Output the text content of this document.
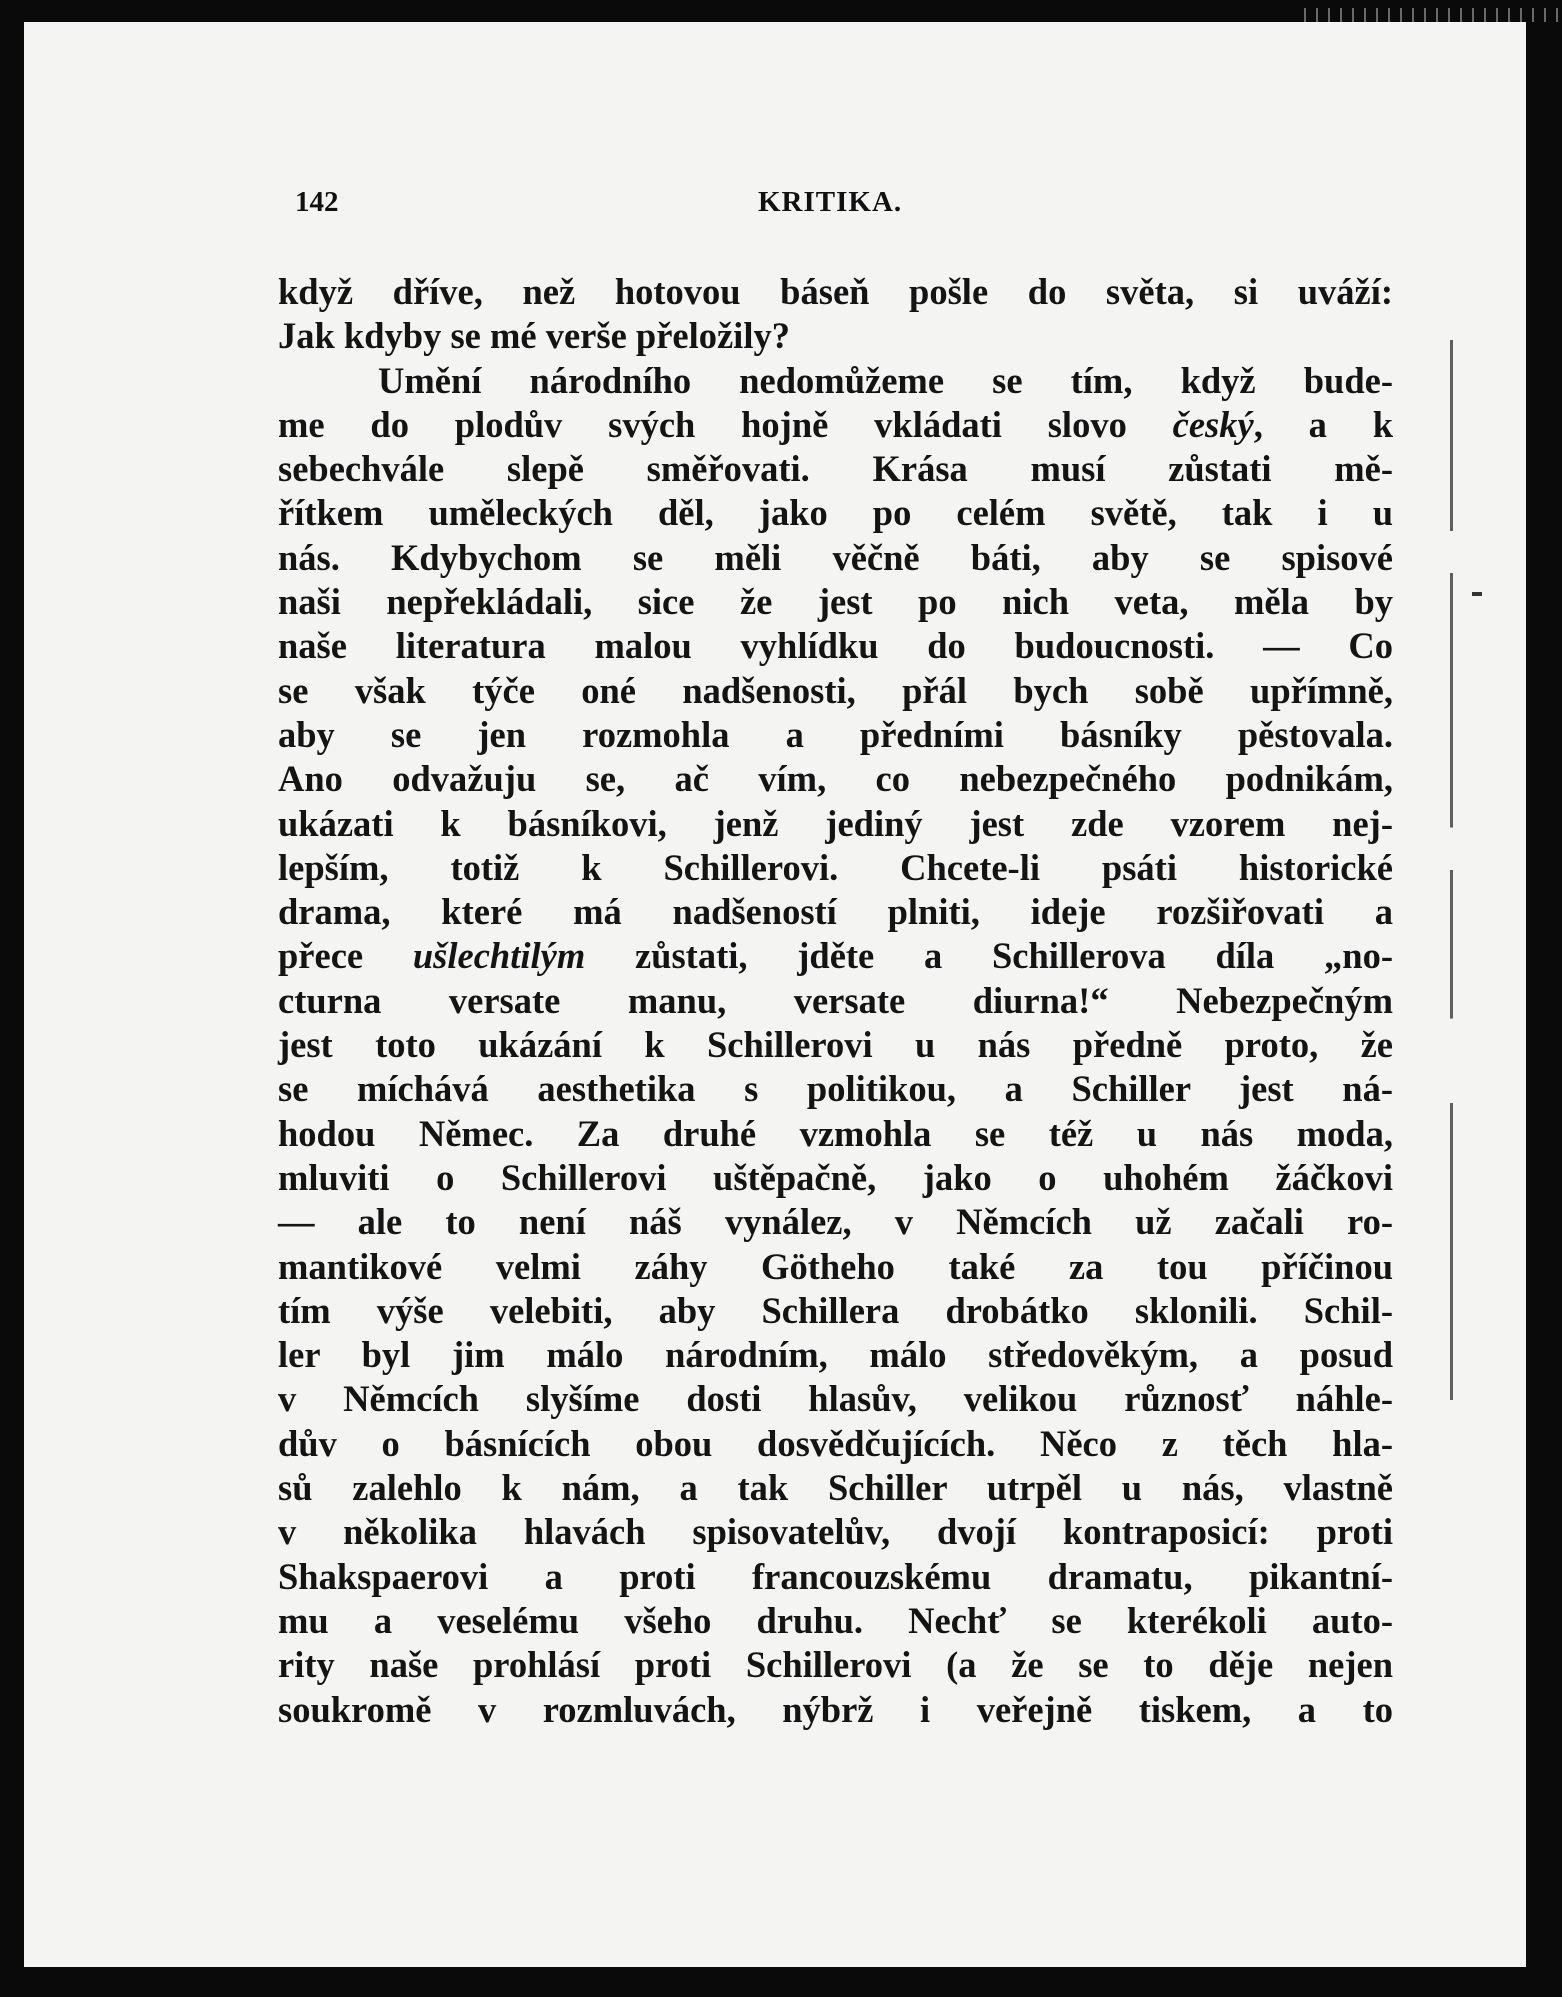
142	KRITIKA.
když dříve, než hotovou báseň pošle do světa, si uváží:
Jak kdyby se mé verše přeložily?
Umění národního nedomůžeme se tím, když bude-
me do plodův svých hojně vkládati slovo český, a k
sebechvále slepě směřovati. Krása musí zůstati mě-
řítkem uměleckých děl, jako po celém světě, tak i u
nás. Kdybychom se měli věčně báti, aby se spisové
naši nepřekládali, sice že jest po nich veta, měla by
naše literatura malou vyhlídku do budoucnosti. — Co
se však týče oné nadšenosti, přál bych sobě upřímně,
aby se jen rozmohla a předními básníky pěstovala.
Ano odvažuju se, ač vím, co nebezpečného podnikám,
ukázati k básníkovi, jenž jediný jest zde vzorem nej-
lepším, totiž k Schillerovi. Chcete-li psáti historické
drama, které má nadšeností plniti, ideje rozšiřovati a
přece ušlechtilým zůstati, jděte a Schillerova díla „no-
cturna versate manu, versate diurna!“ Nebezpečným
jest toto ukázání k Schillerovi u nás předně proto, že
se míchává aesthetika s politikou, a Schiller jest ná-
hodou Němec. Za druhé vzmohla se též u nás moda,
mluviti o Schillerovi uštěpačně, jako o uhohém žáčkovi
— ale to není náš vynález, v Němcích už začali ro-
mantikové velmi záhy Götheho také za tou příčinou
tím výše velebiti, aby Schillera drobátko sklonili. Schil-
ler byl jim málo národním, málo středověkým, a posud
v Němcích slyšíme dosti hlasův, velikou různosť náhle-
dův o básnících obou dosvědčujících. Něco z těch hla-
sů zalehlo k nám, a tak Schiller utrpěl u nás, vlastně
v několika hlavách spisovatelův, dvojí kontraposicí: proti
Shakspaerovi a proti francouzskému dramatu, pikantní-
mu a veselému všeho druhu. Nechť se kterékoli auto-
rity naše prohlásí proti Schillerovi (a že se to děje nejen
soukromě v rozmluvách, nýbrž i veřejně tiskem, a to
